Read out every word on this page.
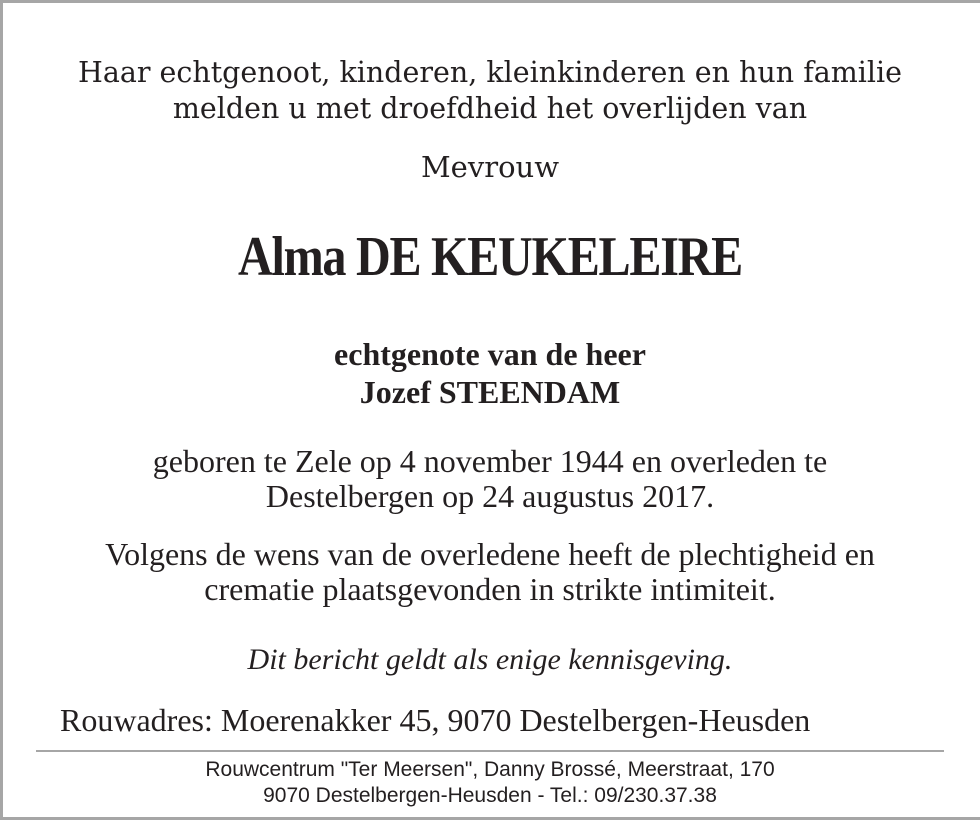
Haar echtgenoot, kinderen, kleinkinderen en hun familie

melden u met droefdheid het overlijden van

Mevrouw

Alma DE KEUKELEIRE

echtgenote van de heer

Jozef STEENDAM

geboren te Zele op 4 november 1944 en overleden te

Destelbergen op 24 augustus 2017.

Volgens de wens van de overledene heeft de plechtigheid en

crematie plaatsgevonden in strikte intimiteit.

Dit bericht geldt als enige kennisgeving.

Rouwadres: Moerenakker 45, 9070 Destelbergen-Heusden

Rouwcentrum "Ter Meersen", Danny Brossé, Meerstraat, 170

9070 Destelbergen-Heusden - Tel.: 09/230.37.38
